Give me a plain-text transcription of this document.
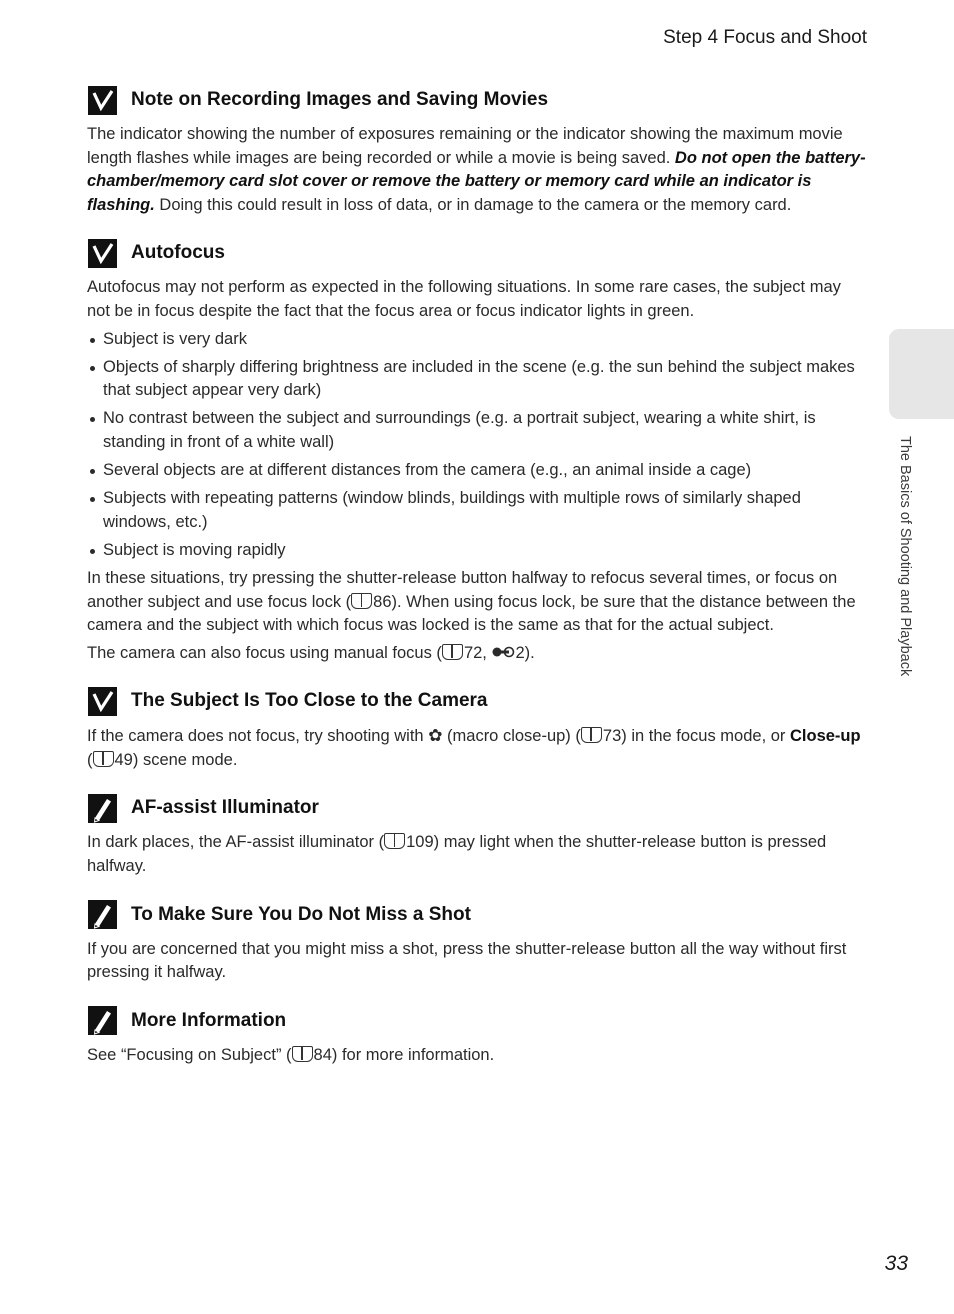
Step 4 Focus and Shoot
The Basics of Shooting and Playback
Note on Recording Images and Saving Movies

The indicator showing the number of exposures remaining or the indicator showing the maximum movie length flashes while images are being recorded or while a movie is being saved. Do not open the battery-chamber/memory card slot cover or remove the battery or memory card while an indicator is flashing. Doing this could result in loss of data, or in damage to the camera or the memory card.

Autofocus

Autofocus may not perform as expected in the following situations. In some rare cases, the subject may not be in focus despite the fact that the focus area or focus indicator lights in green.

Subject is very dark
Objects of sharply differing brightness are included in the scene (e.g. the sun behind the subject makes that subject appear very dark)
No contrast between the subject and surroundings (e.g. a portrait subject, wearing a white shirt, is standing in front of a white wall)
Several objects are at different distances from the camera (e.g., an animal inside a cage)
Subjects with repeating patterns (window blinds, buildings with multiple rows of similarly shaped windows, etc.)
Subject is moving rapidly

In these situations, try pressing the shutter-release button halfway to refocus several times, or focus on another subject and use focus lock ( 86). When using focus lock, be sure that the distance between the camera and the subject with which focus was locked is the same as that for the actual subject.

The camera can also focus using manual focus ( 72, 2).

The Subject Is Too Close to the Camera

If the camera does not focus, try shooting with ✿ (macro close-up) ( 73) in the focus mode, or Close-up ( 49) scene mode.

AF-assist Illuminator

In dark places, the AF-assist illuminator ( 109) may light when the shutter-release button is pressed halfway.

To Make Sure You Do Not Miss a Shot

If you are concerned that you might miss a shot, press the shutter-release button all the way without first pressing it halfway.

More Information

See “Focusing on Subject” ( 84) for more information.

33
